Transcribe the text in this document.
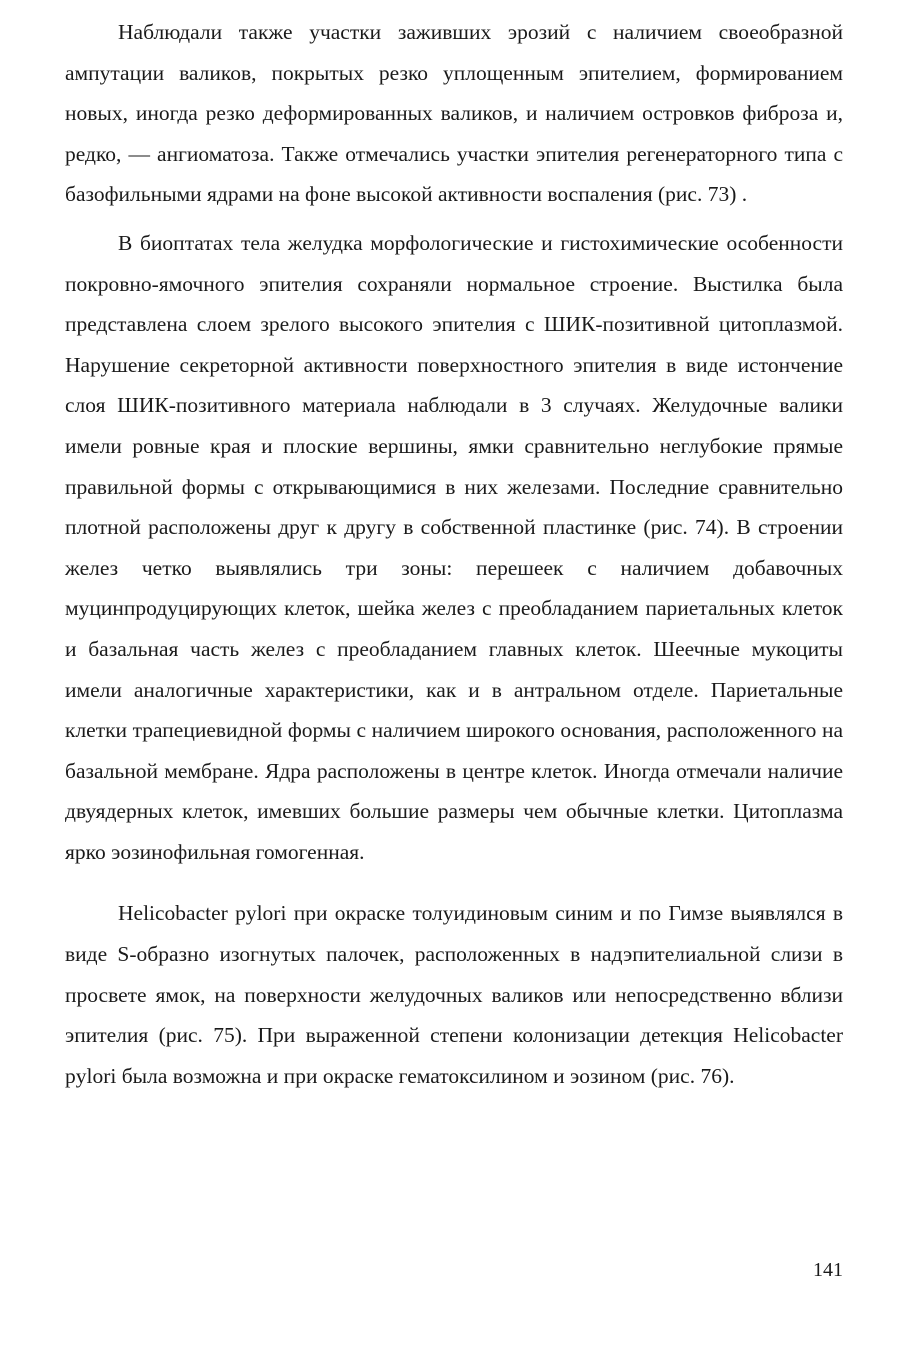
Наблюдали также участки заживших эрозий с наличием своеобразной ампутации валиков, покрытых резко уплощенным эпителием, формированием новых, иногда резко деформированных валиков, и наличием островков фиброза и, редко, — ангиоматоза. Также отмечались участки эпителия регенераторного типа с базофильными ядрами на фоне высокой активности воспаления (рис. 73) .

В биоптатах тела желудка морфологические и гистохимические особенности покровно-ямочного эпителия сохраняли нормальное строение. Выстилка была представлена слоем зрелого высокого эпителия с ШИК-позитивной цитоплазмой. Нарушение секреторной активности поверхностного эпителия в виде истончение слоя ШИК-позитивного материала наблюдали в 3 случаях. Желудочные валики имели ровные края и плоские вершины, ямки сравнительно неглубокие прямые правильной формы с открывающимися в них железами. Последние сравнительно плотной расположены друг к другу в собственной пластинке (рис. 74). В строении желез четко выявлялись три зоны: перешеек с наличием добавочных муцинпродуцирующих клеток, шейка желез с преобладанием париетальных клеток и базальная часть желез с преобладанием главных клеток. Шеечные мукоциты имели аналогичные характеристики, как и в антральном отделе. Париетальные клетки трапециевидной формы с наличием широкого основания, расположенного на базальной мембране. Ядра расположены в центре клеток. Иногда отмечали наличие двуядерных клеток, имевших большие размеры чем обычные клетки. Цитоплазма ярко эозинофильная гомогенная.

Helicobacter pylori при окраске толуидиновым синим и по Гимзе выявлялся в виде S-образно изогнутых палочек, расположенных в надэпителиальной слизи в просвете ямок, на поверхности желудочных валиков или непосредственно вблизи эпителия (рис. 75). При выраженной степени колонизации детекция Helicobacter pylori была возможна и при окраске гематоксилином и эозином (рис. 76).

141
